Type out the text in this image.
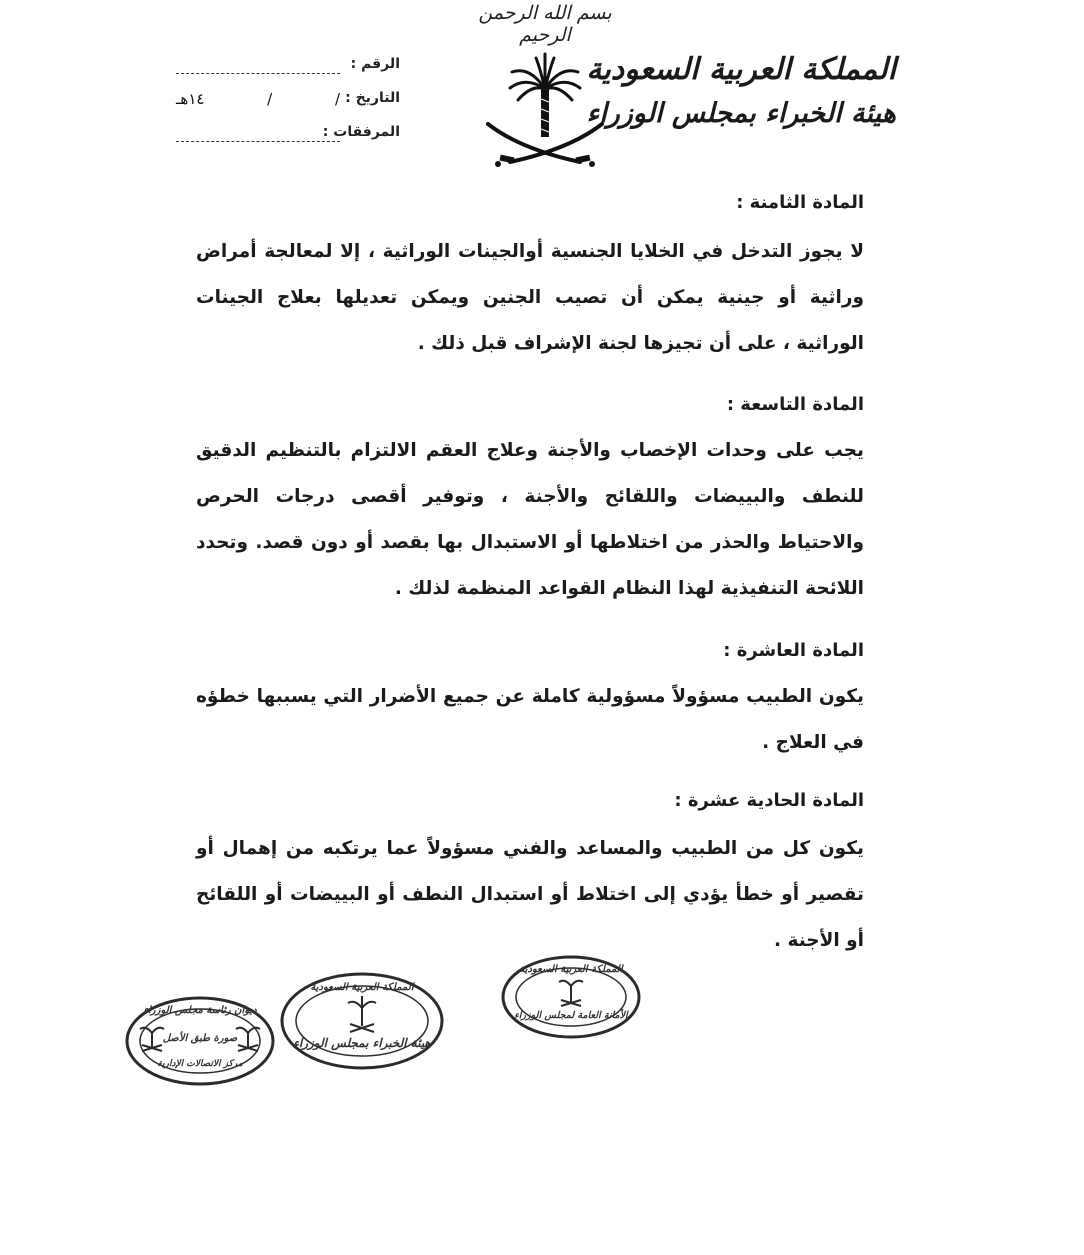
بسم الله الرحمن الرحيم
المملكة العربية السعودية
هيئة الخبراء بمجلس الوزراء
الرقم :
التاريخ :
/
/
١٤هـ
المرفقات :
المادة الثامنة :
لا يجوز التدخل في الخلايا الجنسية أوالجينات الوراثية ، إلا لمعالجة أمراض وراثية أو جينية يمكن أن تصيب الجنين ويمكن تعديلها بعلاج الجينات الوراثية ، على أن تجيزها لجنة الإشراف قبل ذلك .
المادة التاسعة :
يجب على وحدات الإخصاب والأجنة وعلاج العقم الالتزام بالتنظيم الدقيق للنطف والبييضات واللقائح والأجنة ، وتوفير أقصى درجات الحرص والاحتياط والحذر من اختلاطها أو الاستبدال بها بقصد أو دون قصد. وتحدد اللائحة التنفيذية لهذا النظام القواعد المنظمة لذلك .
المادة العاشرة :
يكون الطبيب مسؤولاً مسؤولية كاملة عن جميع الأضرار التي يسببها خطؤه في العلاج .
المادة الحادية عشرة :
يكون كل من الطبيب والمساعد والفني مسؤولاً عما يرتكبه من إهمال أو تقصير أو خطأ يؤدي إلى اختلاط أو استبدال النطف أو البييضات أو اللقائح أو الأجنة .
ديوان رئاسة مجلس الوزراء
صورة طبق الأصل
مركز الاتصالات الإدارية
المملكة العربية السعودية
هيئة الخبراء بمجلس الوزراء
المملكة العربية السعودية
الأمانة العامة لمجلس الوزراء
